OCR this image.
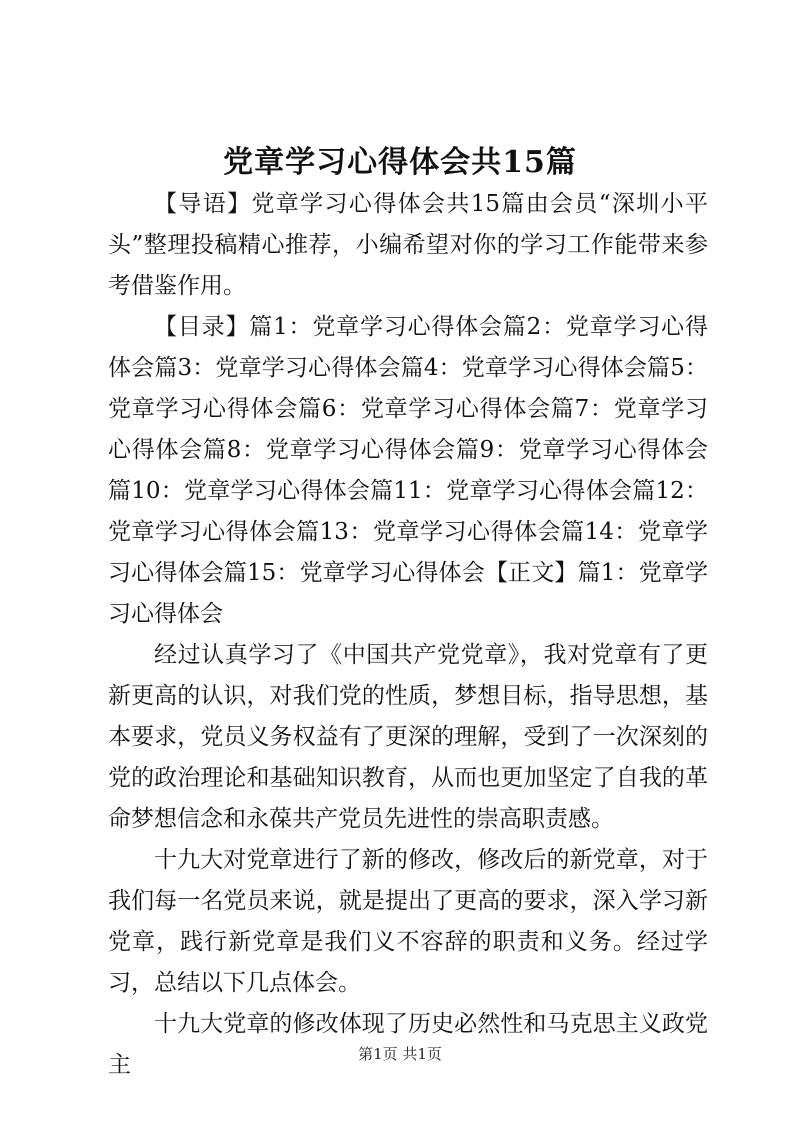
党章学习心得体会共15篇

【导语】党章学习心得体会共15篇由会员“深圳小平头”整理投稿精心推荐，小编希望对你的学习工作能带来参考借鉴作用。

【目录】篇1：党章学习心得体会篇2：党章学习心得体会篇3：党章学习心得体会篇4：党章学习心得体会篇5：党章学习心得体会篇6：党章学习心得体会篇7：党章学习心得体会篇8：党章学习心得体会篇9：党章学习心得体会篇10：党章学习心得体会篇11：党章学习心得体会篇12：党章学习心得体会篇13：党章学习心得体会篇14：党章学习心得体会篇15：党章学习心得体会【正文】篇1：党章学习心得体会

经过认真学习了《中国共产党党章》，我对党章有了更新更高的认识，对我们党的性质，梦想目标，指导思想，基本要求，党员义务权益有了更深的理解，受到了一次深刻的党的政治理论和基础知识教育，从而也更加坚定了自我的革命梦想信念和永葆共产党员先进性的崇高职责感。

十九大对党章进行了新的修改，修改后的新党章，对于我们每一名党员来说，就是提出了更高的要求，深入学习新党章，践行新党章是我们义不容辞的职责和义务。经过学习，总结以下几点体会。

十九大党章的修改体现了历史必然性和马克思主义政党主	第1页 共1页
